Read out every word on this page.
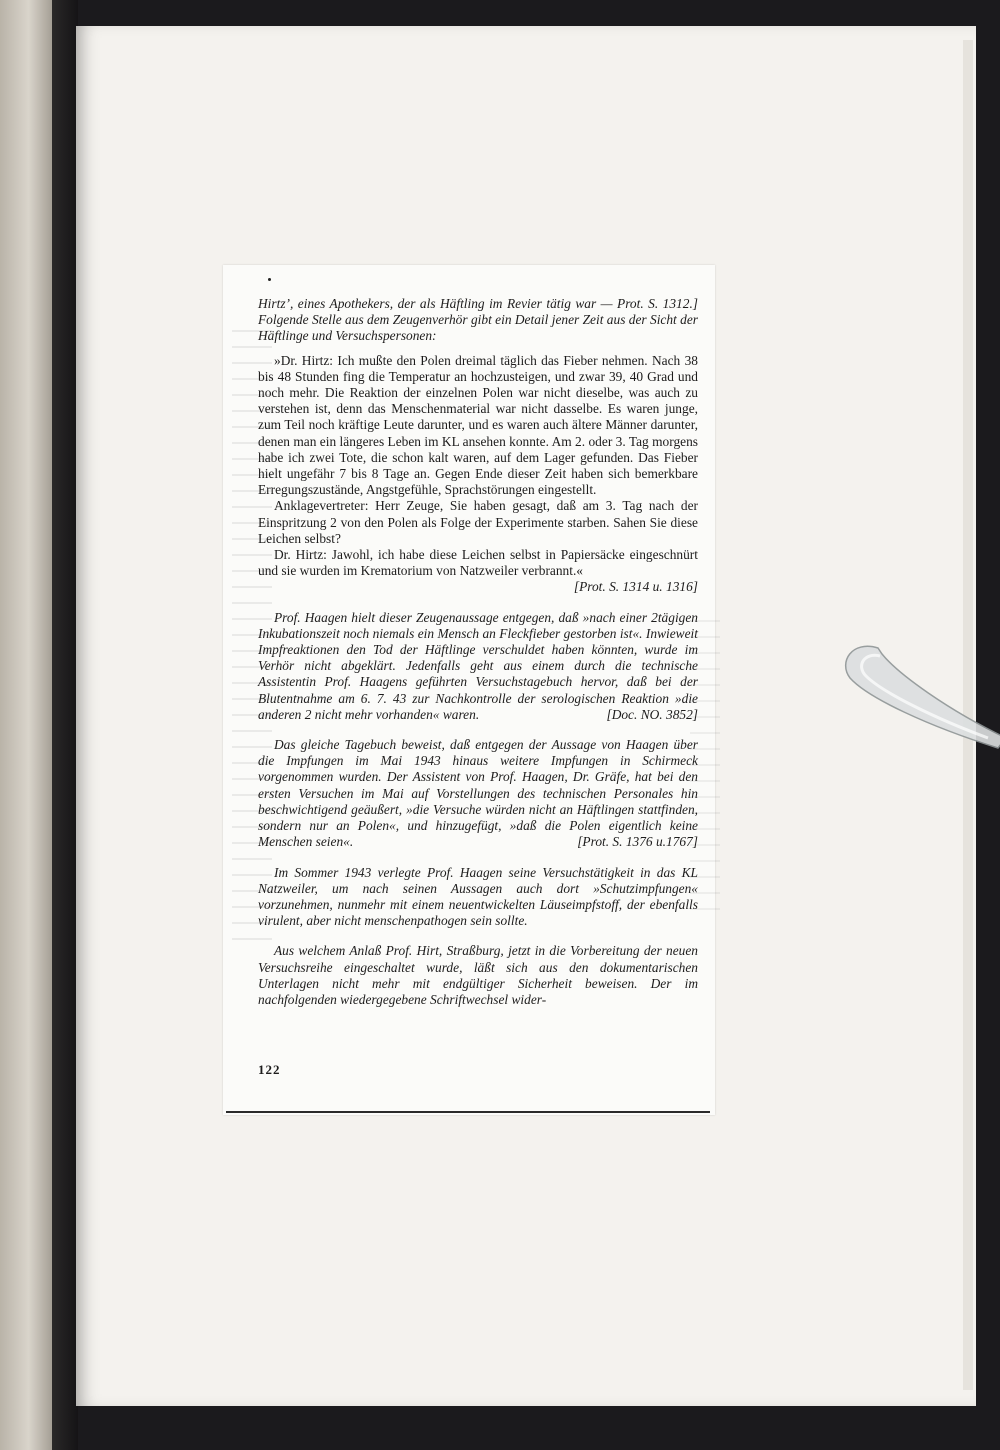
Hirtz’, eines Apothekers, der als Häftling im Revier tätig war — Prot. S. 1312.] Folgende Stelle aus dem Zeugenverhör gibt ein Detail jener Zeit aus der Sicht der Häftlinge und Versuchspersonen:

»Dr. Hirtz: Ich mußte den Polen dreimal täglich das Fieber nehmen. Nach 38 bis 48 Stunden fing die Temperatur an hochzusteigen, und zwar 39, 40 Grad und noch mehr. Die Reaktion der einzelnen Polen war nicht dieselbe, was auch zu verstehen ist, denn das Menschenmaterial war nicht dasselbe. Es waren junge, zum Teil noch kräftige Leute darunter, und es waren auch ältere Männer darunter, denen man ein längeres Leben im KL ansehen konnte. Am 2. oder 3. Tag morgens habe ich zwei Tote, die schon kalt waren, auf dem Lager gefunden. Das Fieber hielt ungefähr 7 bis 8 Tage an. Gegen Ende dieser Zeit haben sich bemerkbare Erregungszustände, Angstgefühle, Sprachstörungen eingestellt.

Anklagevertreter: Herr Zeuge, Sie haben gesagt, daß am 3. Tag nach der Einspritzung 2 von den Polen als Folge der Experimente starben. Sahen Sie diese Leichen selbst?

Dr. Hirtz: Jawohl, ich habe diese Leichen selbst in Papiersäcke eingeschnürt und sie wurden im Krematorium von Natzweiler verbrannt.«

[Prot. S. 1314 u. 1316]

Prof. Haagen hielt dieser Zeugenaussage entgegen, daß »nach einer 2tägigen Inkubationszeit noch niemals ein Mensch an Fleckfieber gestorben ist«. Inwieweit Impfreaktionen den Tod der Häftlinge verschuldet haben könnten, wurde im Verhör nicht abgeklärt. Jedenfalls geht aus einem durch die technische Assistentin Prof. Haagens geführten Versuchstagebuch hervor, daß bei der Blutentnahme am 6. 7. 43 zur Nachkontrolle der serologischen Reaktion »die anderen 2 nicht mehr vorhanden« waren.	[Doc. NO. 3852]

Das gleiche Tagebuch beweist, daß entgegen der Aussage von Haagen über die Impfungen im Mai 1943 hinaus weitere Impfungen in Schirmeck vorgenommen wurden. Der Assistent von Prof. Haagen, Dr. Gräfe, hat bei den ersten Versuchen im Mai auf Vorstellungen des technischen Personales hin beschwichtigend geäußert, »die Versuche würden nicht an Häftlingen stattfinden, sondern nur an Polen«, und hinzugefügt, »daß die Polen eigentlich keine Menschen seien«.	[Prot. S. 1376 u.1767]

Im Sommer 1943 verlegte Prof. Haagen seine Versuchstätigkeit in das KL Natzweiler, um nach seinen Aussagen auch dort »Schutzimpfungen« vorzunehmen, nunmehr mit einem neuentwickelten Läuseimpfstoff, der ebenfalls virulent, aber nicht menschenpathogen sein sollte.

Aus welchem Anlaß Prof. Hirt, Straßburg, jetzt in die Vorbereitung der neuen Versuchsreihe eingeschaltet wurde, läßt sich aus den dokumentarischen Unterlagen nicht mehr mit endgültiger Sicherheit beweisen. Der im nachfolgenden wiedergegebene Schriftwechsel wider-

122
